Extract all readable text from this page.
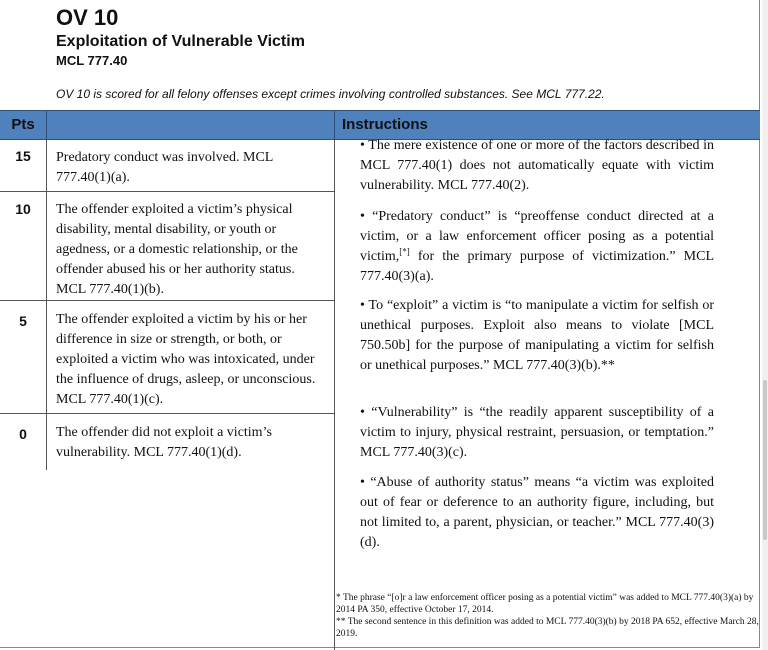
OV 10
Exploitation of Vulnerable Victim
MCL 777.40
OV 10 is scored for all felony offenses except crimes involving controlled substances. See MCL 777.22.
Pts	Instructions
15	Predatory conduct was involved. MCL 777.40(1)(a).
10	The offender exploited a victim’s physical disability, mental disability, or youth or agedness, or a domestic relationship, or the offender abused his or her authority status. MCL 777.40(1)(b).
5	The offender exploited a victim by his or her difference in size or strength, or both, or exploited a victim who was intoxicated, under the influence of drugs, asleep, or unconscious. MCL 777.40(1)(c).
0	The offender did not exploit a victim’s vulnerability. MCL 777.40(1)(d).
• The mere existence of one or more of the factors described in MCL 777.40(1) does not automatically equate with victim vulnerability. MCL 777.40(2).
• “Predatory conduct” is “preoffense conduct directed at a victim, or a law enforcement officer posing as a potential victim,[*] for the primary purpose of victimization.” MCL 777.40(3)(a).
• To “exploit” a victim is “to manipulate a victim for selfish or unethical purposes. Exploit also means to violate [MCL 750.50b] for the purpose of manipulating a victim for selfish or unethical purposes.” MCL 777.40(3)(b).**
• “Vulnerability” is “the readily apparent susceptibility of a victim to injury, physical restraint, persuasion, or temptation.” MCL 777.40(3)(c).
• “Abuse of authority status” means “a victim was exploited out of fear or deference to an authority figure, including, but not limited to, a parent, physician, or teacher.” MCL 777.40(3)(d).
* The phrase “[o]r a law enforcement officer posing as a potential victim” was added to MCL 777.40(3)(a) by 2014 PA 350, effective October 17, 2014.
** The second sentence in this definition was added to MCL 777.40(3)(b) by 2018 PA 652, effective March 28, 2019.
